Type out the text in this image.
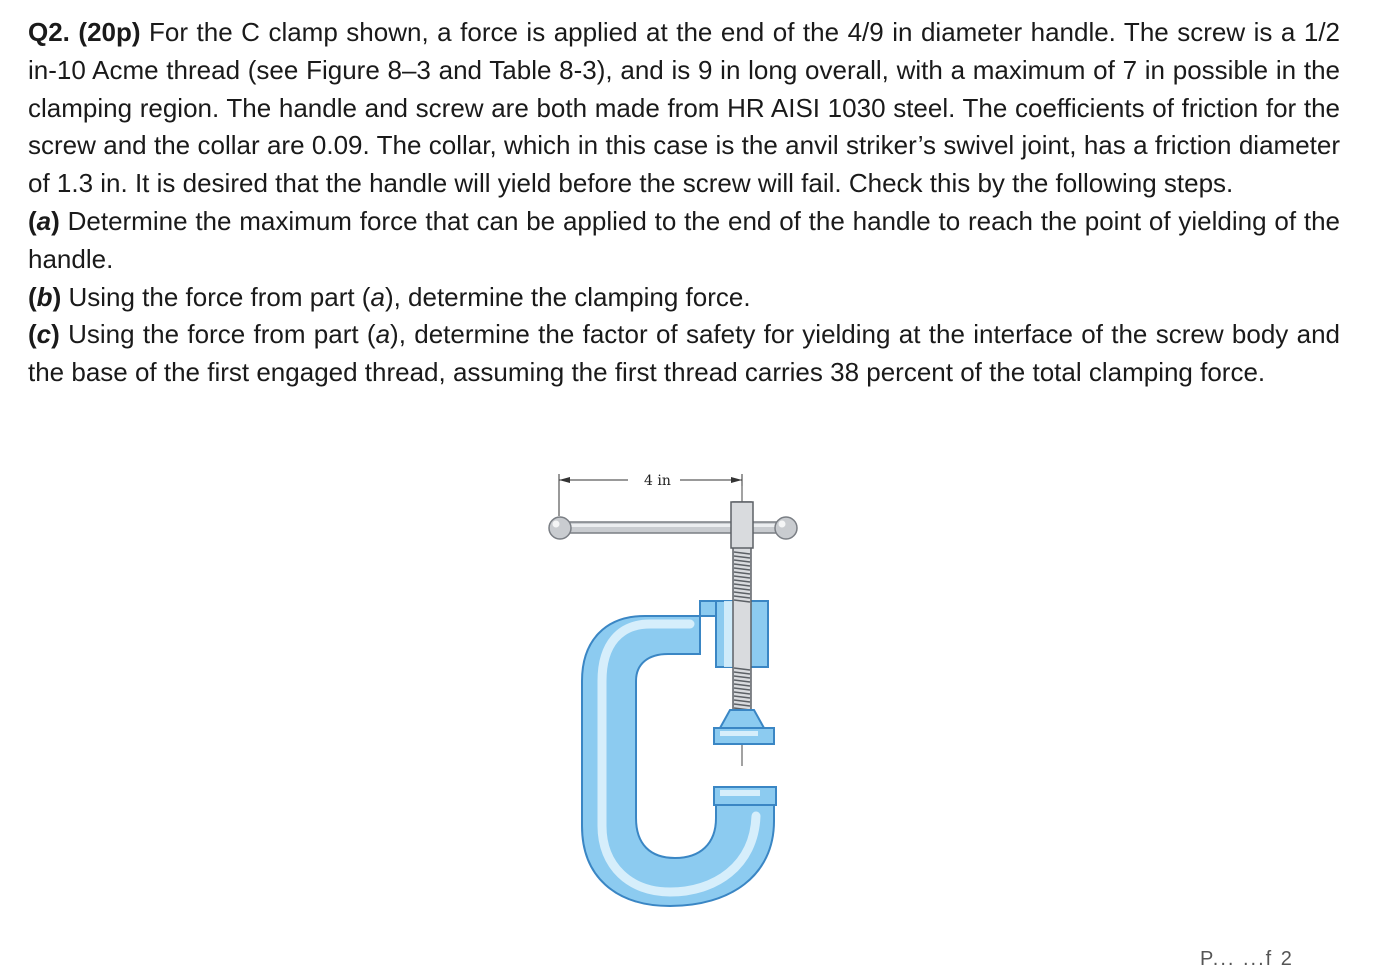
Q2. (20p) For the C clamp shown, a force is applied at the end of the 4/9 in diameter handle. The screw is a 1/2 in-10 Acme thread (see Figure 8–3 and Table 8-3), and is 9 in long overall, with a maximum of 7 in possible in the clamping region. The handle and screw are both made from HR AISI 1030 steel. The coefficients of friction for the screw and the collar are 0.09. The collar, which in this case is the anvil striker’s swivel joint, has a friction diameter of 1.3 in. It is desired that the handle will yield before the screw will fail. Check this by the following steps.

(a) Determine the maximum force that can be applied to the end of the handle to reach the point of yielding of the handle.

(b) Using the force from part (a), determine the clamping force.

(c) Using the force from part (a), determine the factor of safety for yielding at the interface of the screw body and the base of the first engaged thread, assuming the first thread carries 38 percent of the total clamping force.

4 in
P... ...f 2
